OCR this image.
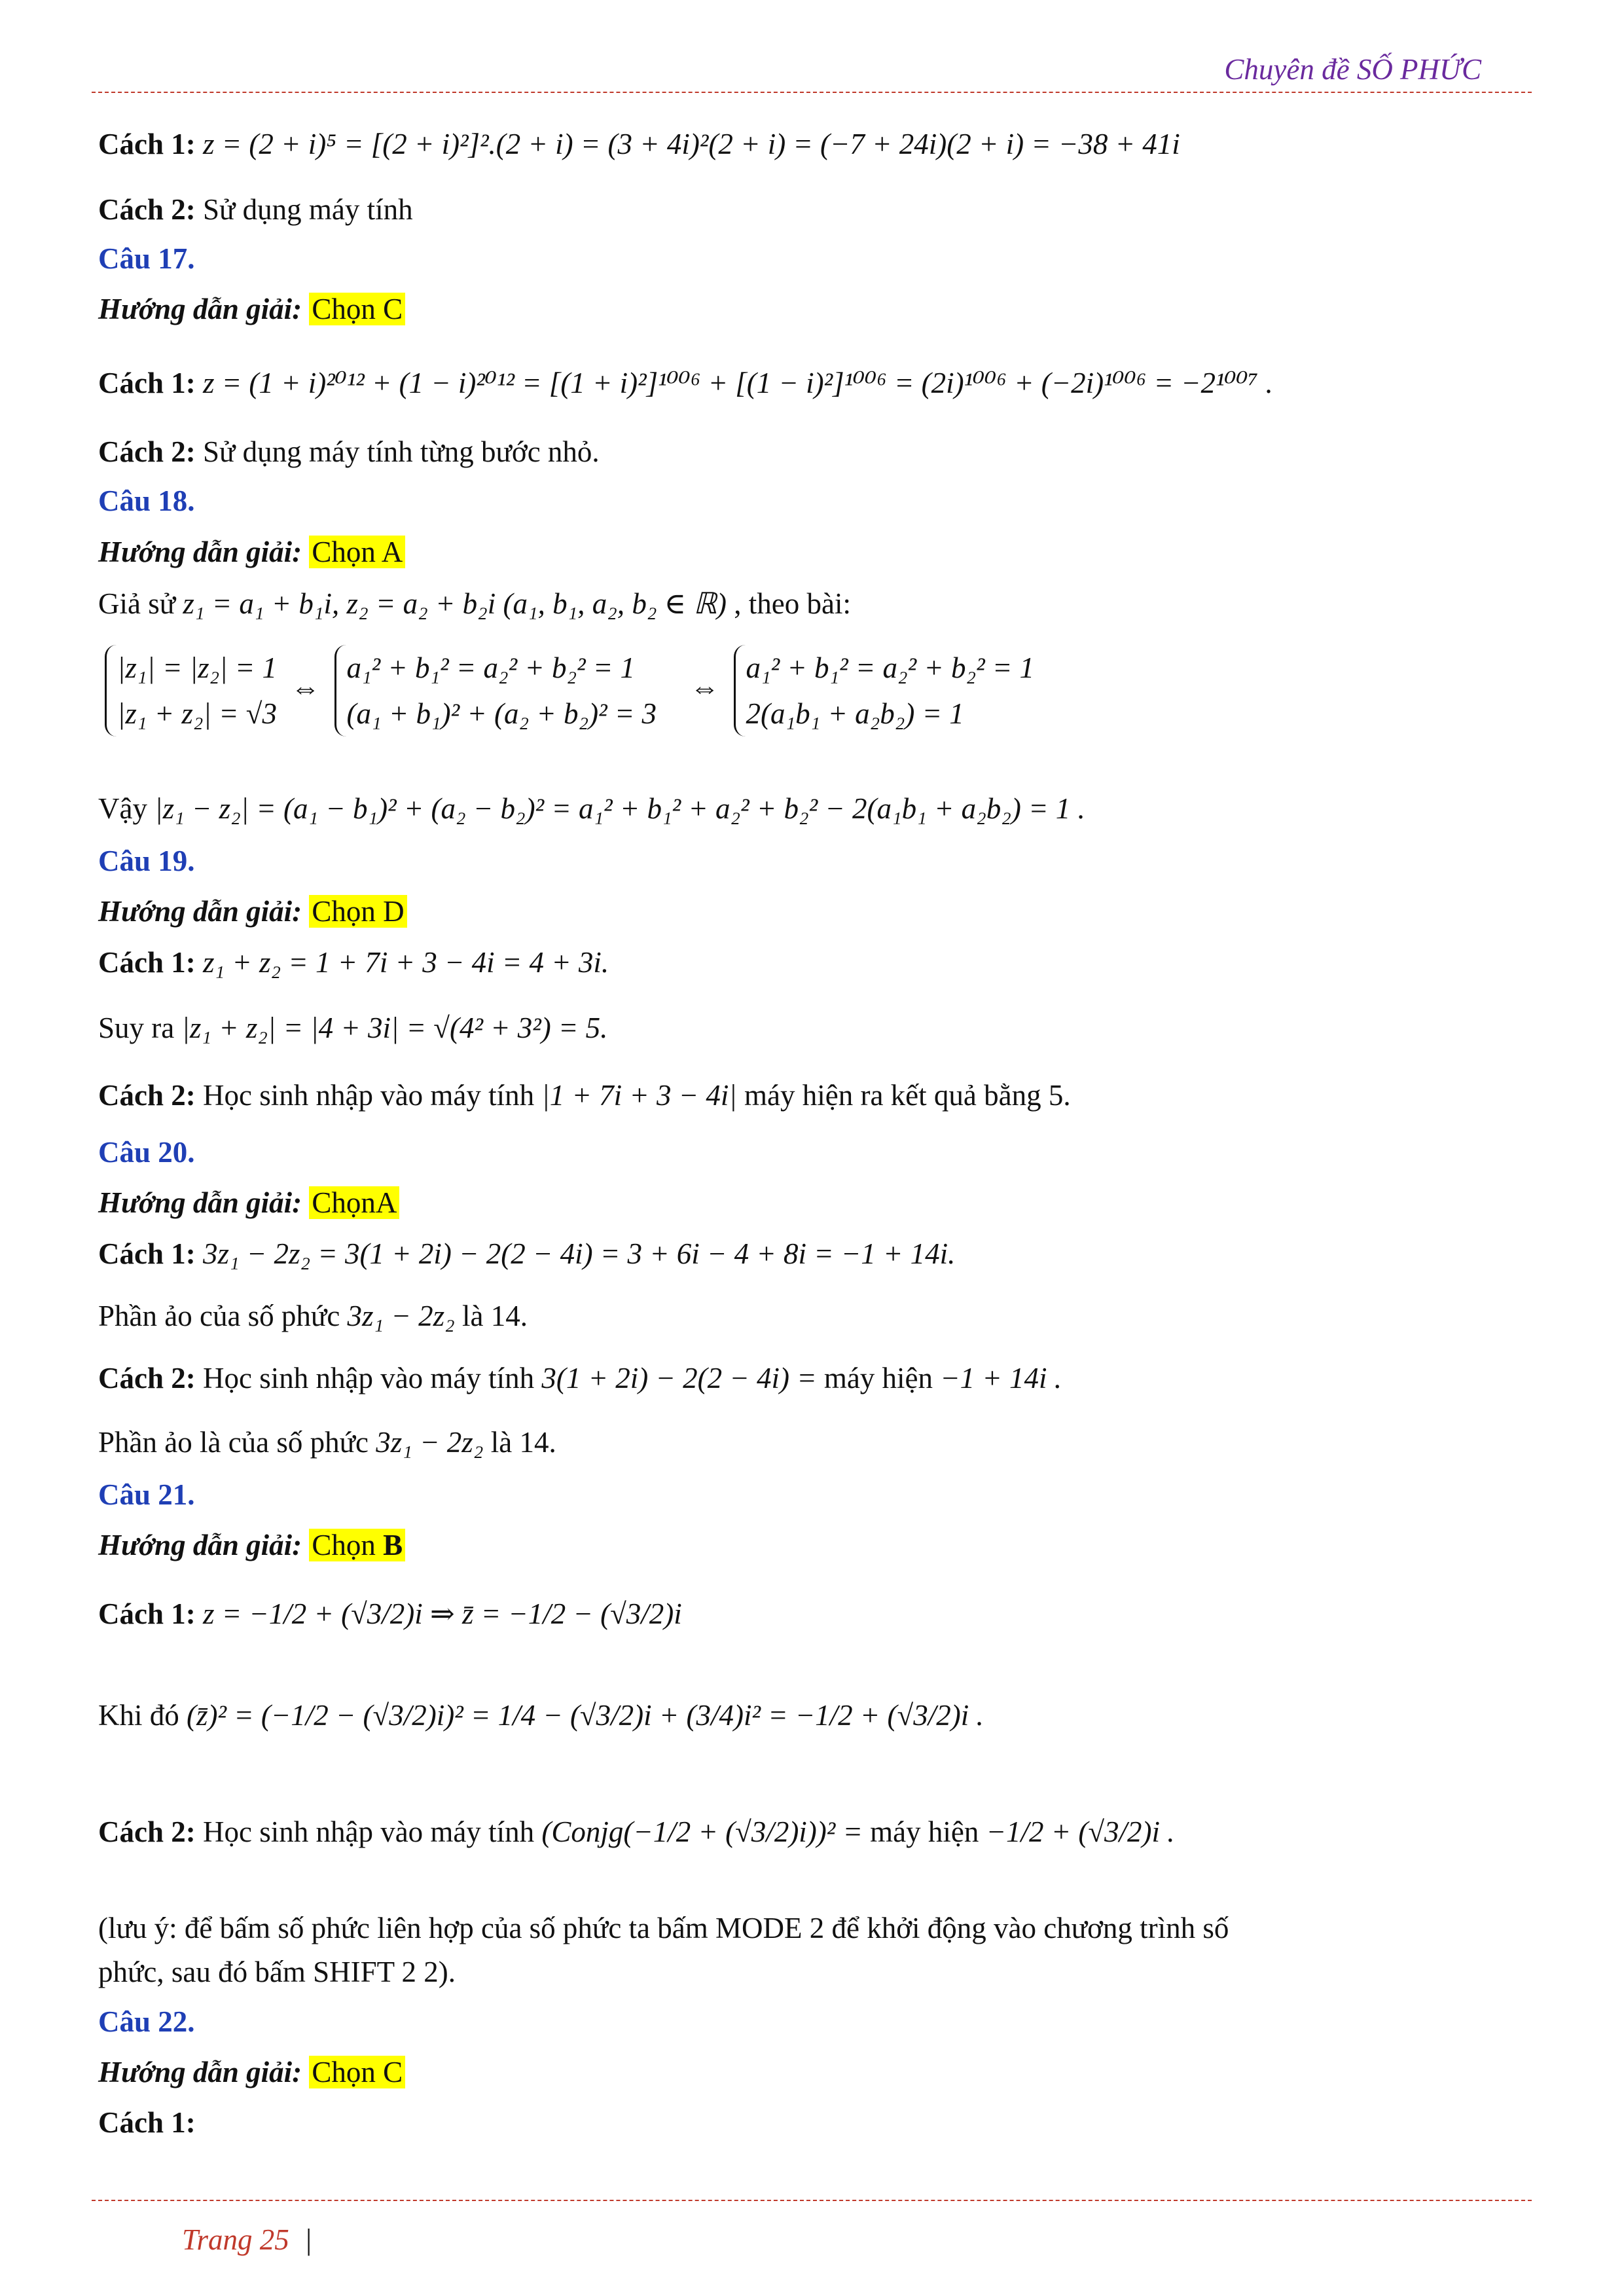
Chuyên đề SỐ PHỨC
Cách 1: z = (2 + i)⁵ = [(2 + i)²]².(2 + i) = (3 + 4i)²(2 + i) = (−7 + 24i)(2 + i) = −38 + 41i
Cách 2: Sử dụng máy tính
Câu 17.
Hướng dẫn giải: Chọn C
Cách 1: z = (1 + i)²⁰¹² + (1 − i)²⁰¹² = [(1 + i)²]¹⁰⁰⁶ + [(1 − i)²]¹⁰⁰⁶ = (2i)¹⁰⁰⁶ + (−2i)¹⁰⁰⁶ = −2¹⁰⁰⁷ .
Cách 2: Sử dụng máy tính từng bước nhỏ.
Câu 18.
Hướng dẫn giải: Chọn A
Giả sử z₁ = a₁ + b₁i, z₂ = a₂ + b₂i (a₁, b₁, a₂, b₂ ∈ ℝ) , theo bài:
|z₁| = |z₂| = 1
|z₁ + z₂| = √3
⇔
a₁² + b₁² = a₂² + b₂² = 1
(a₁ + b₁)² + (a₂ + b₂)² = 3
⇔
a₁² + b₁² = a₂² + b₂² = 1
2(a₁b₁ + a₂b₂) = 1
Vậy |z₁ − z₂| = (a₁ − b₁)² + (a₂ − b₂)² = a₁² + b₁² + a₂² + b₂² − 2(a₁b₁ + a₂b₂) = 1 .
Câu 19.
Hướng dẫn giải: Chọn D
Cách 1: z₁ + z₂ = 1 + 7i + 3 − 4i = 4 + 3i.
Suy ra |z₁ + z₂| = |4 + 3i| = √(4² + 3²) = 5.
Cách 2: Học sinh nhập vào máy tính |1 + 7i + 3 − 4i| máy hiện ra kết quả bằng 5.
Câu 20.
Hướng dẫn giải: ChọnA
Cách 1: 3z₁ − 2z₂ = 3(1 + 2i) − 2(2 − 4i) = 3 + 6i − 4 + 8i = −1 + 14i.
Phần ảo của số phức 3z₁ − 2z₂ là 14.
Cách 2: Học sinh nhập vào máy tính 3(1 + 2i) − 2(2 − 4i) = máy hiện −1 + 14i .
Phần ảo là của số phức 3z₁ − 2z₂ là 14.
Câu 21.
Hướng dẫn giải: Chọn B
Cách 1: z = −1/2 + (√3/2)i ⇒ z̄ = −1/2 − (√3/2)i
Khi đó (z̄)² = (−1/2 − (√3/2)i)² = 1/4 − (√3/2)i + (3/4)i² = −1/2 + (√3/2)i .
Cách 2: Học sinh nhập vào máy tính (Conjg(−1/2 + (√3/2)i))² = máy hiện −1/2 + (√3/2)i .
(lưu ý: để bấm số phức liên hợp của số phức ta bấm MODE 2 để khởi động vào chương trình số
phức, sau đó bấm SHIFT 2 2).
Câu 22.
Hướng dẫn giải: Chọn C
Cách 1:
Trang 25 |
